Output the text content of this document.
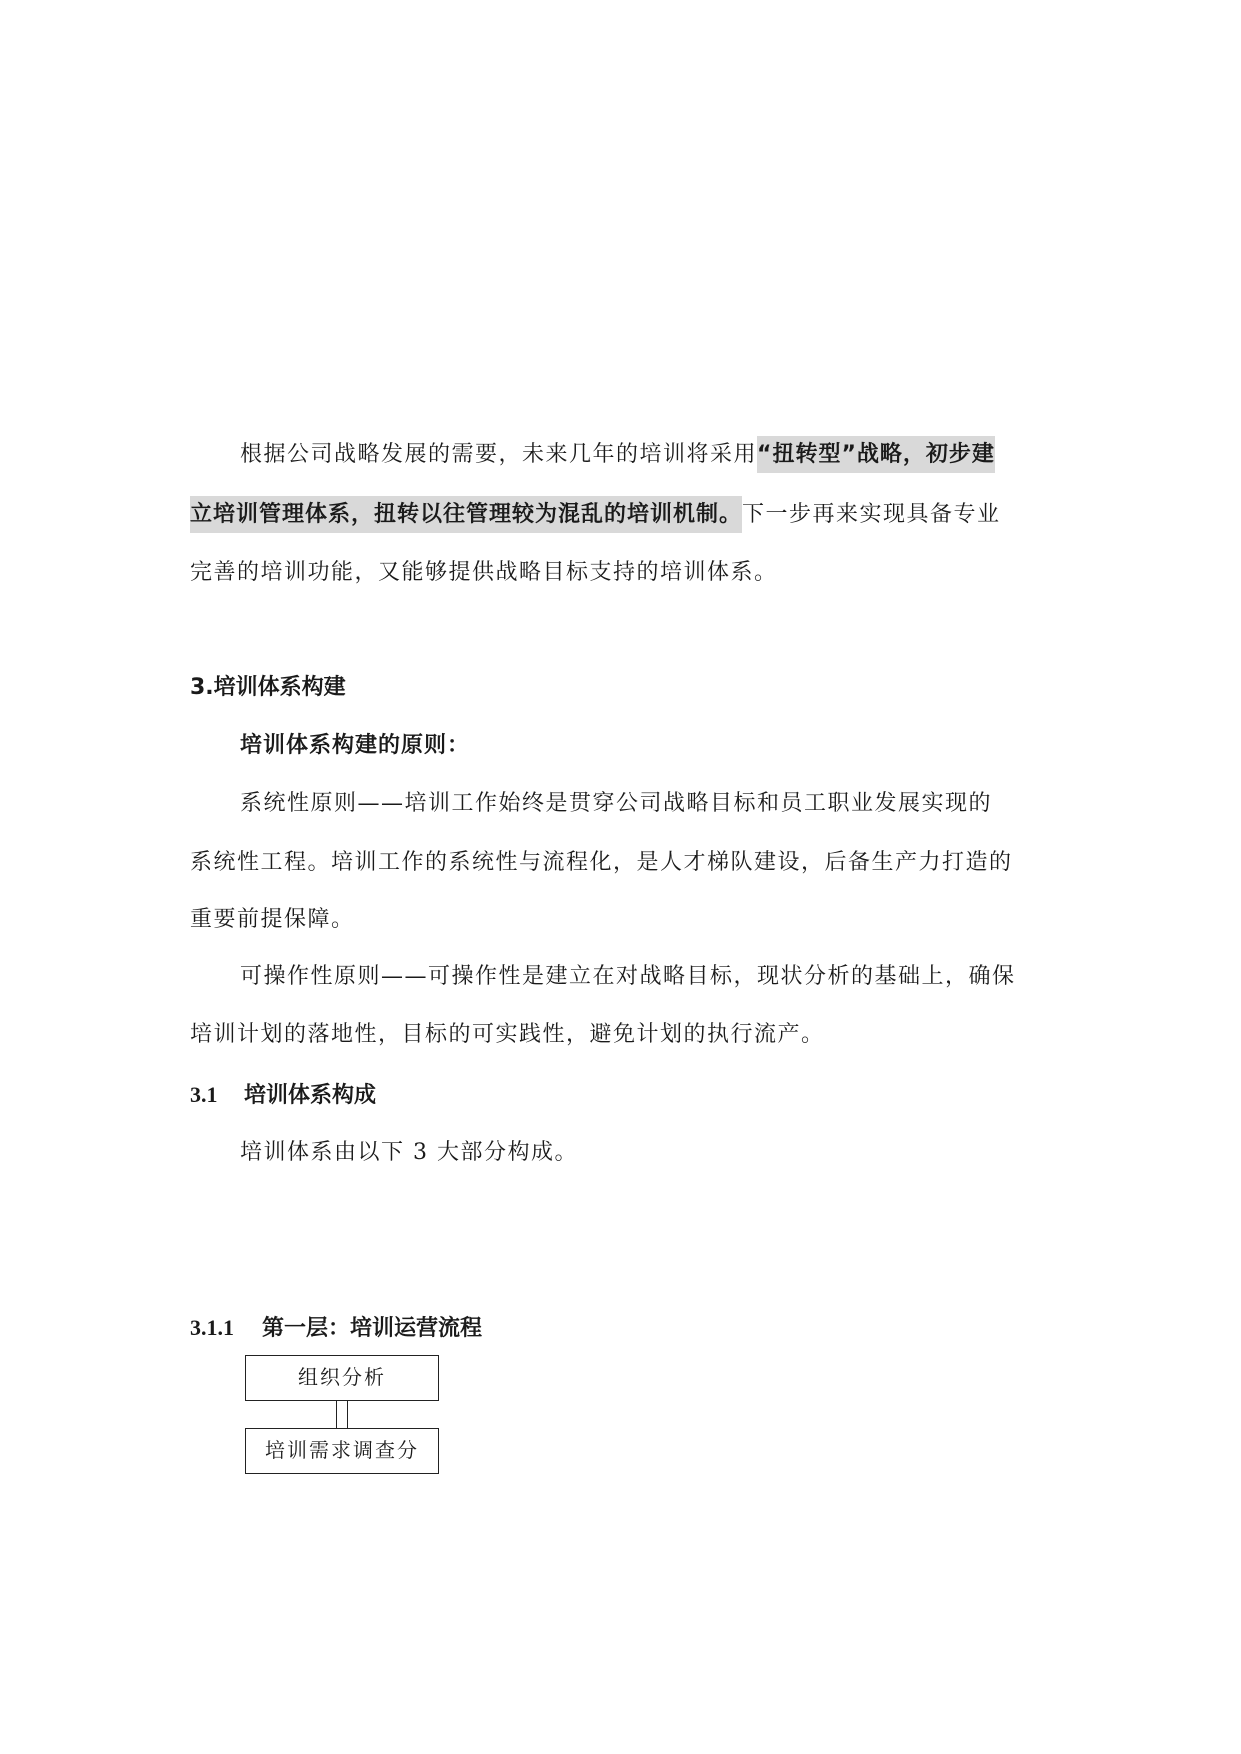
根据公司战略发展的需要，未来几年的培训将采用“扭转型”战略，初步建
立培训管理体系，扭转以往管理较为混乱的培训机制。下一步再来实现具备专业
完善的培训功能，又能够提供战略目标支持的培训体系。
3.培训体系构建
培训体系构建的原则：
系统性原则——培训工作始终是贯穿公司战略目标和员工职业发展实现的
系统性工程。培训工作的系统性与流程化，是人才梯队建设，后备生产力打造的
重要前提保障。
可操作性原则——可操作性是建立在对战略目标，现状分析的基础上，确保
培训计划的落地性，目标的可实践性，避免计划的执行流产。
3.1 培训体系构成
培训体系由以下 3 大部分构成。
3.1.1 第一层：培训运营流程
组织分析
培训需求调查分
